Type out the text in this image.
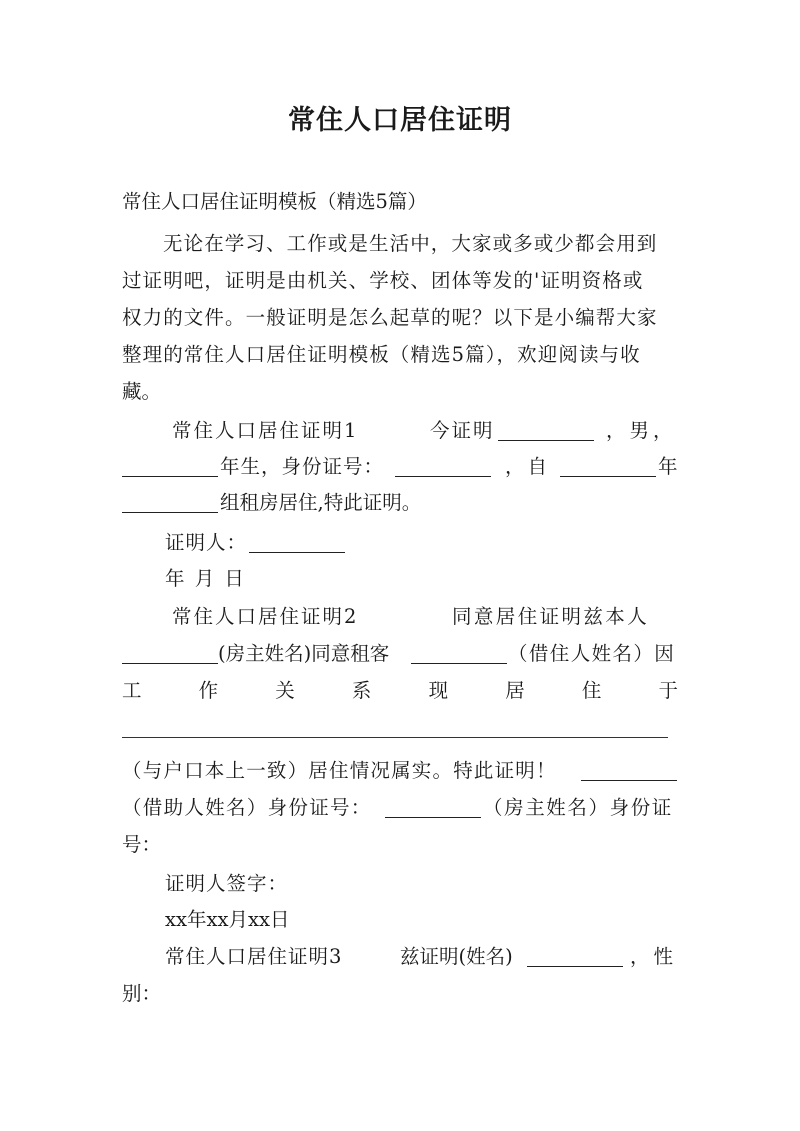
常住人口居住证明
常住人口居住证明模板（精选5篇）
无论在学习、工作或是生活中，大家或多或少都会用到
过证明吧，证明是由机关、学校、团体等发的'证明资格或
权力的文件。一般证明是怎么起草的呢？以下是小编帮大家
整理的常住人口居住证明模板（精选5篇），欢迎阅读与收
藏。
常住人口居住证明1	今证明	，男，
年生，身份证号：	，自	年
组租房居住,特此证明。
证明人：
年 月 日
常住人口居住证明2	同意居住证明兹本人
(房主姓名)同意租客	（借住人姓名）因
工	作	关	系	现	居	住	于
（与户口本上一致）居住情况属实。特此证明！
（借助人姓名）身份证号：	（房主姓名）身份证
号：
证明人签字：
xx年xx月xx日
常住人口居住证明3	兹证明(姓名)	，性
别：
